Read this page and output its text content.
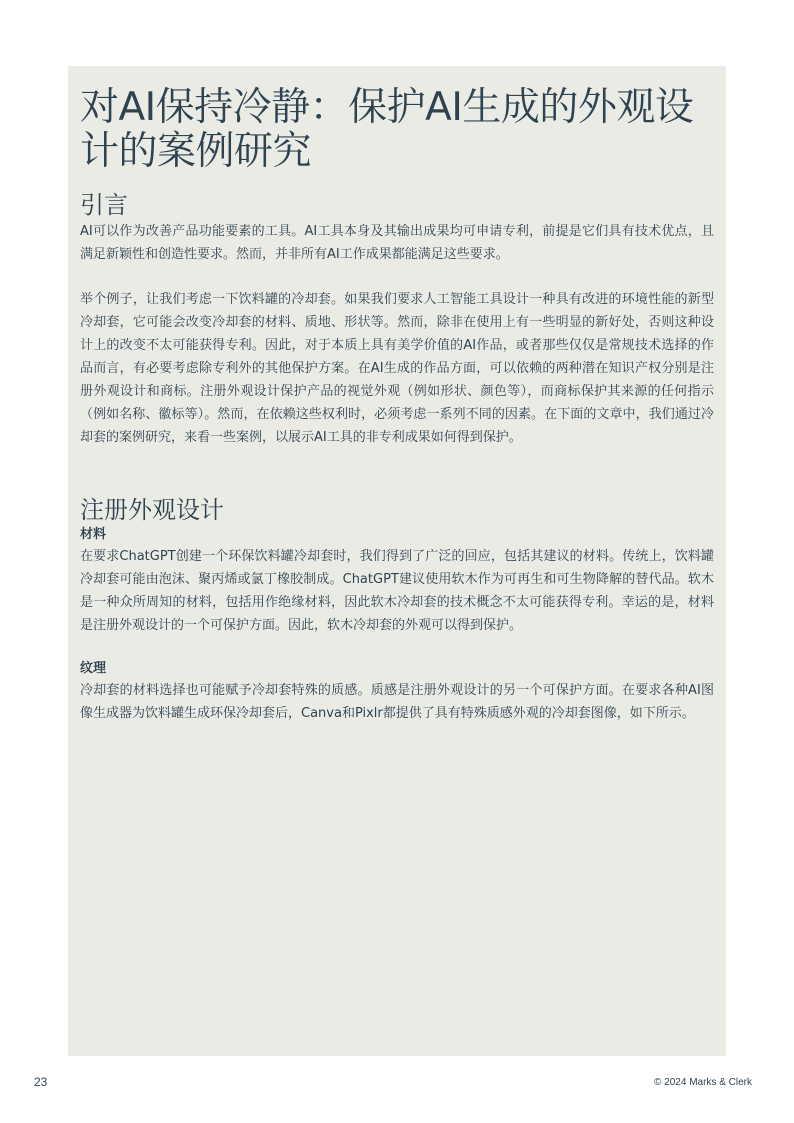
对AI保持冷静：保护AI生成的外观设计的案例研究
引言

AI可以作为改善产品功能要素的工具。AI工具本身及其输出成果均可申请专利，前提是它们具有技术优点，且满足新颖性和创造性要求。然而，并非所有AI工作成果都能满足这些要求。

举个例子，让我们考虑一下饮料罐的冷却套。如果我们要求人工智能工具设计一种具有改进的环境性能的新型冷却套，它可能会改变冷却套的材料、质地、形状等。然而，除非在使用上有一些明显的新好处，否则这种设计上的改变不太可能获得专利。因此，对于本质上具有美学价值的AI作品，或者那些仅仅是常规技术选择的作品而言，有必要考虑除专利外的其他保护方案。在AI生成的作品方面，可以依赖的两种潜在知识产权分别是注册外观设计和商标。注册外观设计保护产品的视觉外观（例如形状、颜色等），而商标保护其来源的任何指示（例如名称、徽标等）。然而，在依赖这些权利时，必须考虑一系列不同的因素。在下面的文章中，我们通过冷却套的案例研究，来看一些案例，以展示AI工具的非专利成果如何得到保护。

注册外观设计
材料

在要求ChatGPT创建一个环保饮料罐冷却套时，我们得到了广泛的回应，包括其建议的材料。传统上，饮料罐冷却套可能由泡沫、聚丙烯或氯丁橡胶制成。ChatGPT建议使用软木作为可再生和可生物降解的替代品。软木是一种众所周知的材料，包括用作绝缘材料，因此软木冷却套的技术概念不太可能获得专利。幸运的是，材料是注册外观设计的一个可保护方面。因此，软木冷却套的外观可以得到保护。

纹理

冷却套的材料选择也可能赋予冷却套特殊的质感。质感是注册外观设计的另一个可保护方面。在要求各种AI图像生成器为饮料罐生成环保冷却套后，Canva和Pixlr都提供了具有特殊质感外观的冷却套图像，如下所示。

23	© 2024 Marks & Clerk
